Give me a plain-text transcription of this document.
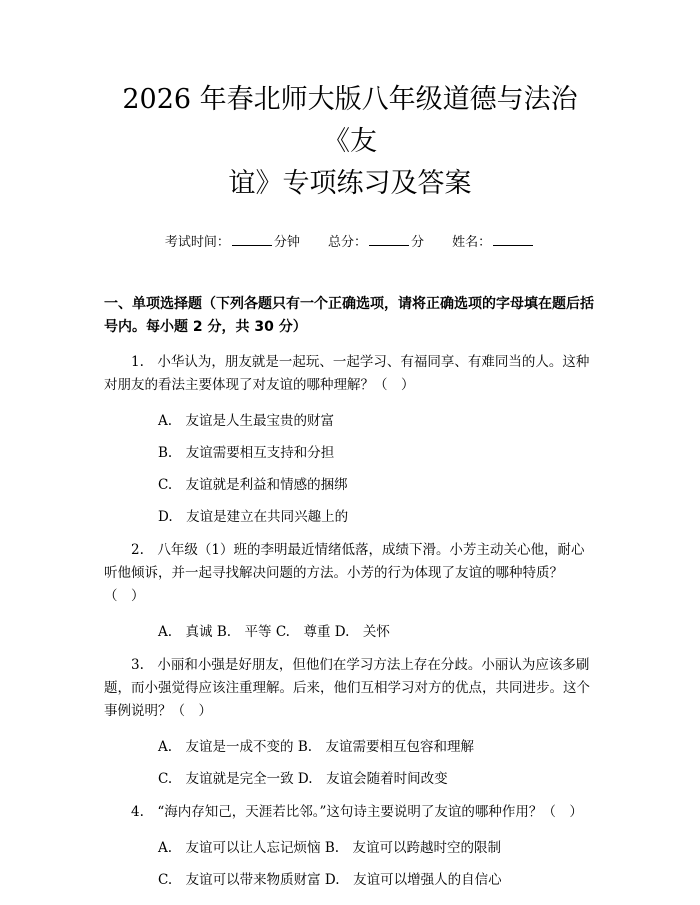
2026 年春北师大版八年级道德与法治《友
谊》专项练习及答案
考试时间：	分钟 总分：	分 姓名：
一、单项选择题（下列各题只有一个正确选项，请将正确选项的字母填在题后括号内。每小题 2 分，共 30 分）
1.　小华认为，朋友就是一起玩、一起学习、有福同享、有难同当的人。这种对朋友的看法主要体现了对友谊的哪种理解？（　）
A.　友谊是人生最宝贵的财富
B.　友谊需要相互支持和分担
C.　友谊就是利益和情感的捆绑
D.　友谊是建立在共同兴趣上的
2.　八年级（1）班的李明最近情绪低落，成绩下滑。小芳主动关心他，耐心听他倾诉，并一起寻找解决问题的方法。小芳的行为体现了友谊的哪种特质？（　）
A.　真诚 B.　平等 C.　尊重 D.　关怀
3.　小丽和小强是好朋友，但他们在学习方法上存在分歧。小丽认为应该多刷题，而小强觉得应该注重理解。后来，他们互相学习对方的优点，共同进步。这个事例说明？（　）
A.　友谊是一成不变的 B.　友谊需要相互包容和理解
C.　友谊就是完全一致 D.　友谊会随着时间改变
4.　“海内存知己，天涯若比邻。”这句诗主要说明了友谊的哪种作用？（　）
A.　友谊可以让人忘记烦恼 B.　友谊可以跨越时空的限制
C.　友谊可以带来物质财富 D.　友谊可以增强人的自信心
